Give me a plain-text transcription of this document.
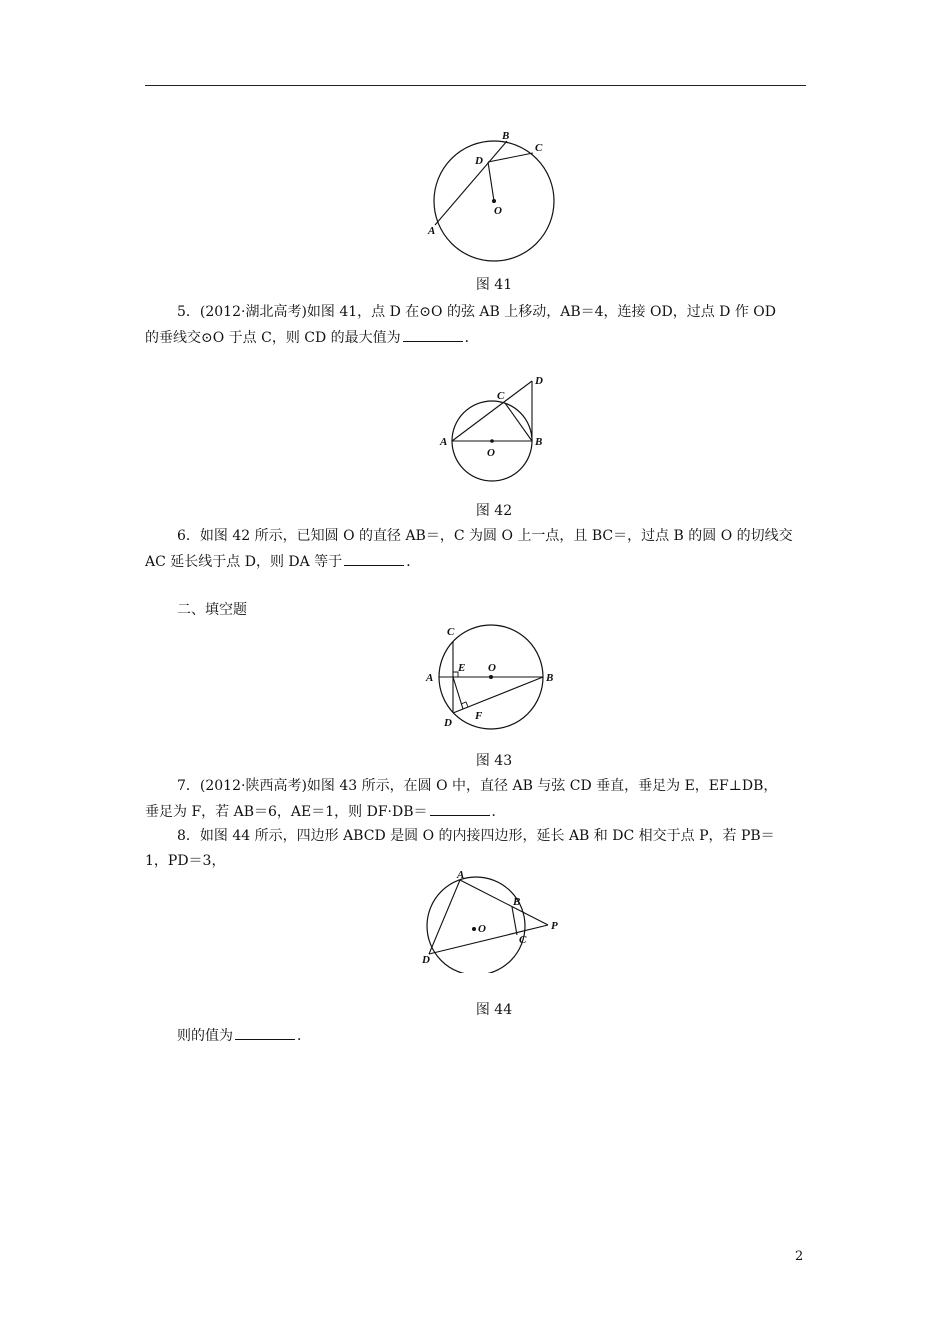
B
C
D
O
A
图 41
5．(2012·湖北高考)如图 41，点 D 在⊙O 的弦 AB 上移动，AB＝4，连接 OD，过点 D 作 OD
的垂线交⊙O 于点 C，则 CD 的最大值为	．
C
D
A	B
O
图 42
6．如图 42 所示，已知圆 O 的直径 AB＝，C 为圆 O 上一点，且 BC＝，过点 B 的圆 O 的切线交
AC 延长线于点 D，则 DA 等于	．
二、填空题
C
E O
A	B
D
F
图 43
7．(2012·陕西高考)如图 43 所示，在圆 O 中，直径 AB 与弦 CD 垂直，垂足为 E，EF⊥DB，
垂足为 F，若 AB＝6，AE＝1，则 DF·DB＝	．
8．如图 44 所示，四边形 ABCD 是圆 O 的内接四边形，延长 AB 和 DC 相交于点 P，若 PB＝
1，PD＝3，
A
B
O	P
C
D
图 44
则的值为	．
2
